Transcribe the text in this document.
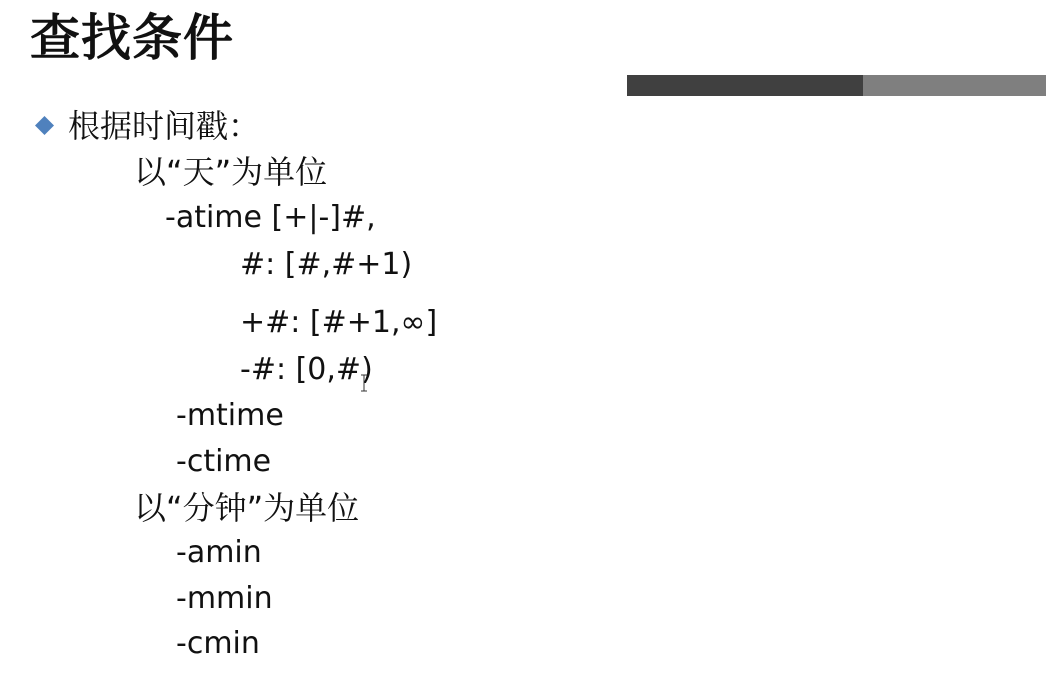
查找条件
根据时间戳：
以“天”为单位
-atime [+|-]#,
#: [#,#+1)
+#: [#+1,∞]
-#: [0,#)
-mtime
-ctime
以“分钟”为单位
-amin
-mmin
-cmin
